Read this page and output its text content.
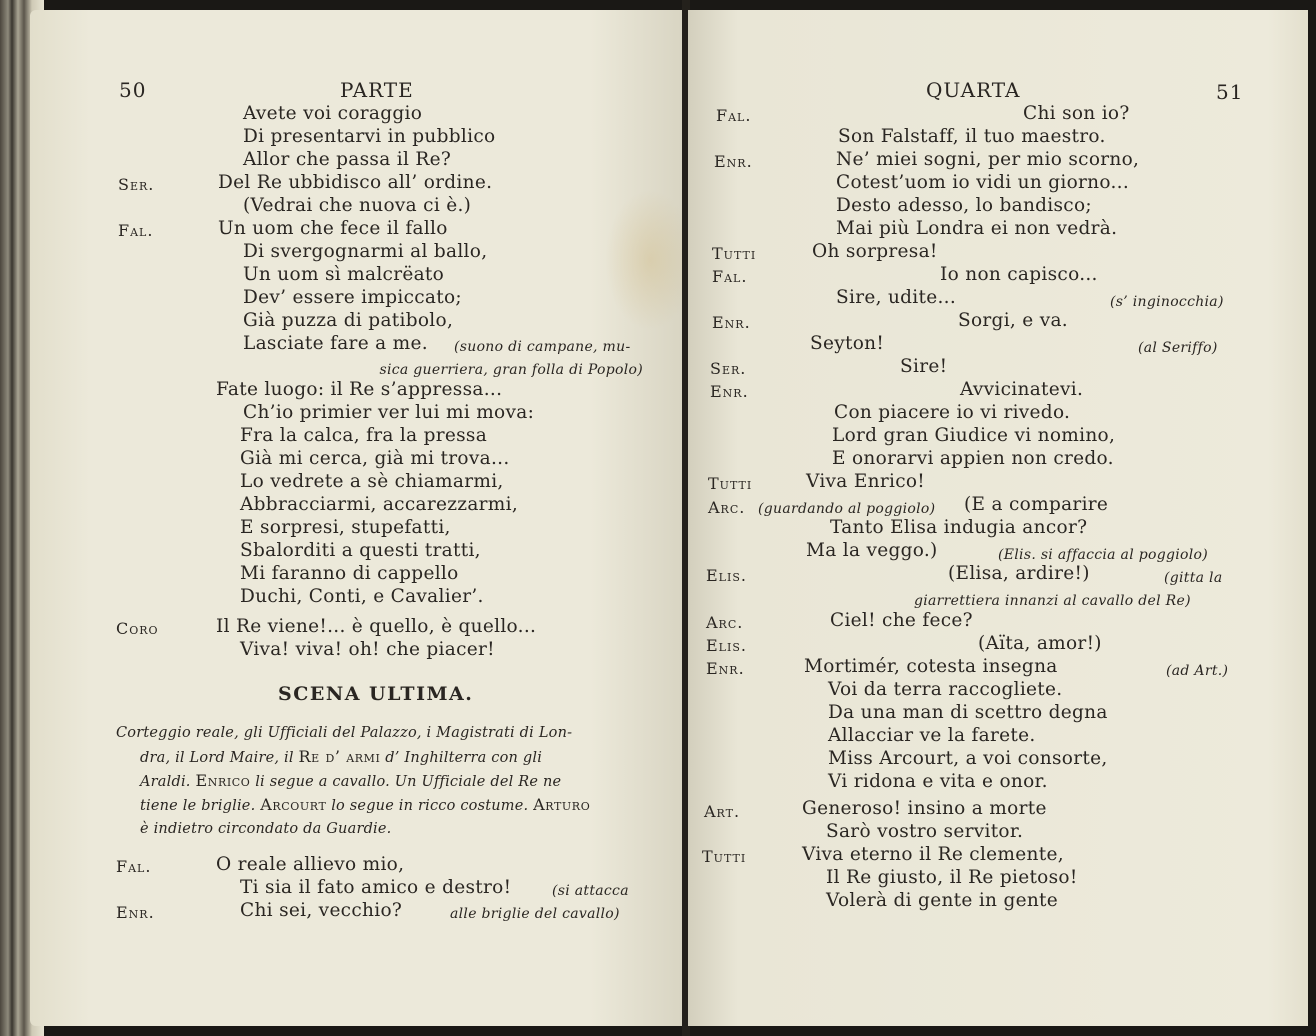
50	PARTE
Avete voi coraggio
Di presentarvi in pubblico
Allor che passa il Re?
Ser.	Del Re ubbidisco all’ ordine.
(Vedrai che nuova ci è.)
Fal.	Un uom che fece il fallo
Di svergognarmi al ballo,
Un uom sì malcrëato
Dev’ essere impiccato;
Già puzza di patibolo,
Lasciate fare a me. (suono di campane, mu-
sica guerriera, gran folla di Popolo)
Fate luogo: il Re s’appressa...
Ch’io primier ver lui mi mova:
Fra la calca, fra la pressa
Già mi cerca, già mi trova...
Lo vedrete a sè chiamarmi,
Abbracciarmi, accarezzarmi,
E sorpresi, stupefatti,
Sbalorditi a questi tratti,
Mi faranno di cappello
Duchi, Conti, e Cavalier’.
Coro	Il Re viene!... è quello, è quello...
Viva! viva! oh! che piacer!
SCENA ULTIMA.
Corteggio reale, gli Ufficiali del Palazzo, i Magistrati di Lon-
dra, il Lord Maire, il Re d’ armi d’ Inghilterra con gli
Araldi. Enrico li segue a cavallo. Un Ufficiale del Re ne
tiene le briglie. Arcourt lo segue in ricco costume. Arturo
è indietro circondato da Guardie.
Fal.	O reale allievo mio,
Ti sia il fato amico e destro!	(si attacca
Enr.	Chi sei, vecchio?	alle briglie del cavallo)
QUARTA	51
Fal.	Chi son io?
Son Falstaff, il tuo maestro.
Enr.	Ne’ miei sogni, per mio scorno,
Cotest’uom io vidi un giorno...
Desto adesso, lo bandisco;
Mai più Londra ei non vedrà.
Tutti	Oh sorpresa!
Fal.	Io non capisco...
Sire, udite...	(s’ inginocchia)
Enr.	Sorgi, e va.
Seyton!	(al Seriffo)
Ser.	Sire!
Enr.	Avvicinatevi.
Con piacere io vi rivedo.
Lord gran Giudice vi nomino,
E onorarvi appien non credo.
Tutti	Viva Enrico!
Arc. (guardando al poggiolo) (E a comparire
Tanto Elisa indugia ancor?
Ma la veggo.)	(Elis. si affaccia al poggiolo)
Elis.	(Elisa, ardire!)	(gitta la
giarrettiera innanzi al cavallo del Re)
Arc.	Ciel! che fece?
Elis.	(Aïta, amor!)
Enr.	Mortimér, cotesta insegna	(ad Art.)
Voi da terra raccogliete.
Da una man di scettro degna
Allacciar ve la farete.
Miss Arcourt, a voi consorte,
Vi ridona e vita e onor.
Art.	Generoso! insino a morte
Sarò vostro servitor.
Tutti	Viva eterno il Re clemente,
Il Re giusto, il Re pietoso!
Volerà di gente in gente
